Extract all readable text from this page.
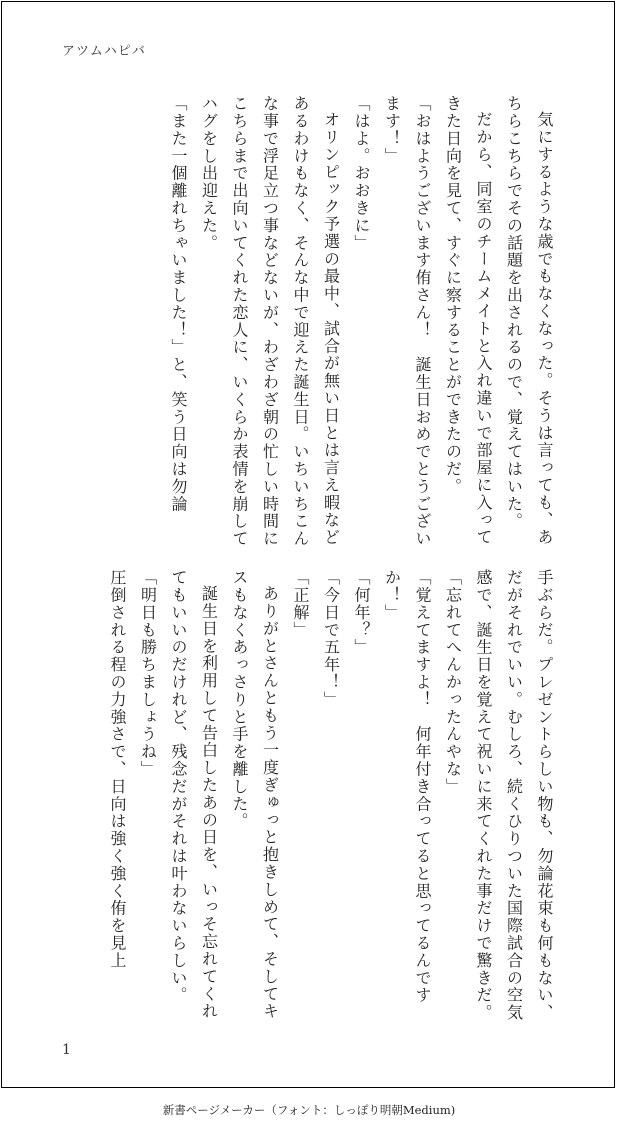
アツムハピバ

気にするような歳でもなくなった。そうは言っても、あちらこちらでその話題を出されるので、覚えてはいた。

だから、同室のチームメイトと入れ違いで部屋に入ってきた日向を見て、すぐに察することができたのだ。

「おはようございます侑さん！　誕生日おめでとうございます！」

「はよ。おおきに」

オリンピック予選の最中、試合が無い日とは言え暇などあるわけもなく、そんな中で迎えた誕生日。いちいちこんな事で浮足立つ事などないが、わざわざ朝の忙しい時間にこちらまで出向いてくれた恋人に、いくらか表情を崩してハグをし出迎えた。

「また一個離れちゃいました！」と、笑う日向は勿論

手ぶらだ。プレゼントらしい物も、勿論花束も何もない、だがそれでいい。むしろ、続くひりついた国際試合の空気感で、誕生日を覚えて祝いに来てくれた事だけで驚きだ。

「忘れてへんかったんやな」

「覚えてますよ！　何年付き合ってると思ってるんですか！」

「何年？」

「今日で五年！」

「正解」

ありがとさんともう一度ぎゅっと抱きしめて、そしてキスもなくあっさりと手を離した。

誕生日を利用して告白したあの日を、いっそ忘れてくれてもいいのだけれど、残念だがそれは叶わないらしい。

「明日も勝ちましょうね」

圧倒される程の力強さで、日向は強く強く侑を見上

1
新書ページメーカー（フォント：しっぽり明朝Medium)
